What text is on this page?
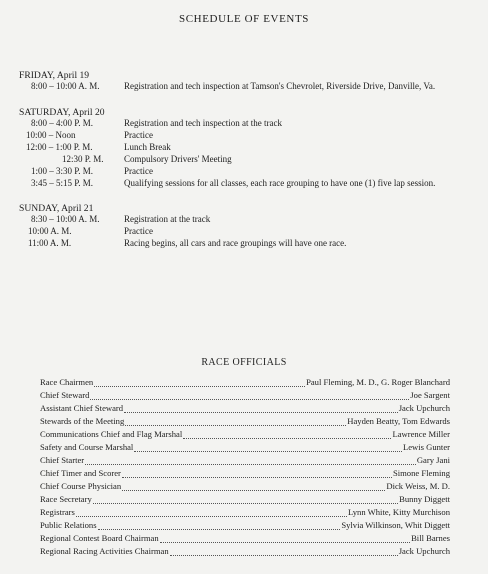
SCHEDULE OF EVENTS
FRIDAY, April 19
8:00 – 10:00 A. M.	Registration and tech inspection at Tamson's Chevrolet, Riverside Drive, Danville, Va.
SATURDAY, April 20
8:00 – 4:00 P. M.	Registration and tech inspection at the track
10:00 – Noon	Practice
12:00 – 1:00 P. M.	Lunch Break
12:30 P. M. Compulsory Drivers' Meeting
1:00 – 3:30 P. M.	Practice
3:45 – 5:15 P. M.	Qualifying sessions for all classes, each race grouping to have one (1) five lap session.
SUNDAY, April 21
8:30 – 10:00 A. M.	Registration at the track
10:00 A. M.	Practice
11:00 A. M.	Racing begins, all cars and race groupings will have one race.
RACE OFFICIALS
Race Chairmen	Paul Fleming, M. D., G. Roger Blanchard
Chief Steward	Joe Sargent
Assistant Chief Steward	Jack Upchurch
Stewards of the Meeting	Hayden Beatty, Tom Edwards
Communications Chief and Flag Marshal	Lawrence Miller
Safety and Course Marshal	Lewis Gunter
Chief Starter	Gary Jani
Chief Timer and Scorer	Simone Fleming
Chief Course Physician	Dick Weiss, M. D.
Race Secretary	Bunny Diggett
Registrars	Lynn White, Kitty Murchison
Public Relations	Sylvia Wilkinson, Whit Diggett
Regional Contest Board Chairman	Bill Barnes
Regional Racing Activities Chairman	Jack Upchurch
